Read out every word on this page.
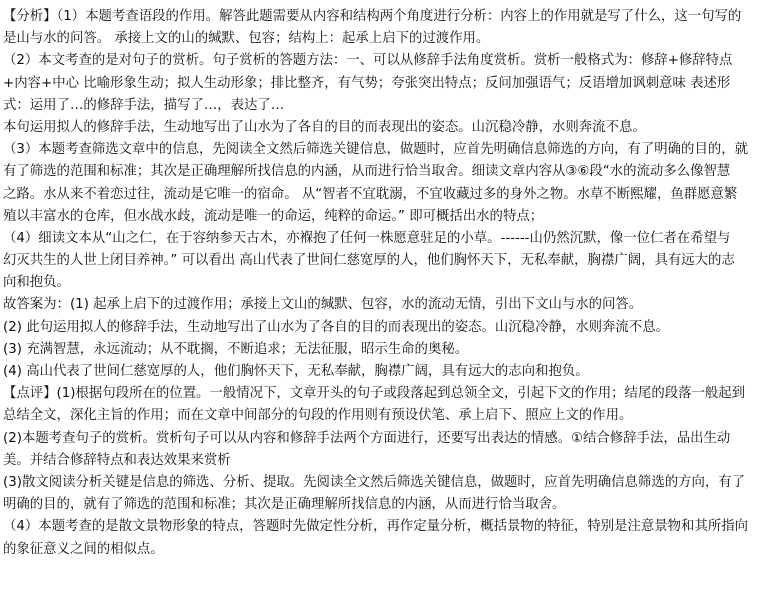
【分析】（1）本题考查语段的作用。解答此题需要从内容和结构两个角度进行分析：内容上的作用就是写了什么，这一句写的
是山与水的问答。 承接上文的山的缄默、包容；结构上：起承上启下的过渡作用。
（2）本文考查的是对句子的赏析。句子赏析的答题方法：一、可以从修辞手法角度赏析。赏析一般格式为：修辞+修辞特点
+内容+中心 比喻形象生动；拟人生动形象；排比整齐，有气势；夸张突出特点；反问加强语气；反语增加讽刺意味 表述形
式：运用了…的修辞手法，描写了…，表达了…
本句运用拟人的修辞手法，生动地写出了山水为了各自的目的而表现出的姿态。山沉稳冷静，水则奔流不息。
（3）本题考查筛选文章中的信息，先阅读全文然后筛选关键信息，做题时，应首先明确信息筛选的方向，有了明确的目的，就
有了筛选的范围和标准；其次是正确理解所找信息的内涵，从而进行恰当取舍。细读文章内容从③⑥段“水的流动多么像智慧
之路。水从来不着恋过往，流动是它唯一的宿命。 从“智者不宜耽溺，不宜收藏过多的身外之物。水草不断熙耀，鱼群愿意繁
殖以丰富水的仓库，但水战水歧，流动是唯一的命运，纯粹的命运。” 即可概括出水的特点；
（4）细读文本从“山之仁，在于容纳参天古木，亦褓抱了任何一株愿意驻足的小草。------山仍然沉默，像一位仁者在希望与
幻灭共生的人世上闭目养神。” 可以看出 高山代表了世间仁慈宽厚的人，他们胸怀天下，无私奉献，胸襟广阔，具有远大的志
向和抱负。
故答案为：(1) 起承上启下的过渡作用；承接上文山的缄默、包容，水的流动无情，引出下文山与水的问答。
(2) 此句运用拟人的修辞手法，生动地写出了山水为了各自的目的而表现出的姿态。山沉稳冷静，水则奔流不息。
(3) 充满智慧，永远流动；从不耽搁，不断追求；无法征服，昭示生命的奥秘。
(4) 高山代表了世间仁慈宽厚的人，他们胸怀天下，无私奉献，胸襟广阔，具有远大的志向和抱负。
【点评】(1)根据句段所在的位置。一般情况下，文章开头的句子或段落起到总领全文，引起下文的作用；结尾的段落一般起到
总结全文，深化主旨的作用；而在文章中间部分的句段的作用则有预设伏笔、承上启下、照应上文的作用。
(2)本题考查句子的赏析。赏析句子可以从内容和修辞手法两个方面进行，还要写出表达的情感。①结合修辞手法，品出生动
美。并结合修辞特点和表达效果来赏析
(3)散文阅读分析关键是信息的筛选、分析、提取。先阅读全文然后筛选关键信息，做题时，应首先明确信息筛选的方向，有了
明确的目的，就有了筛选的范围和标准；其次是正确理解所找信息的内涵，从而进行恰当取舍。
（4）本题考查的是散文景物形象的特点，答题时先做定性分析，再作定量分析，概括景物的特征，特别是注意景物和其所指向
的象征意义之间的相似点。
